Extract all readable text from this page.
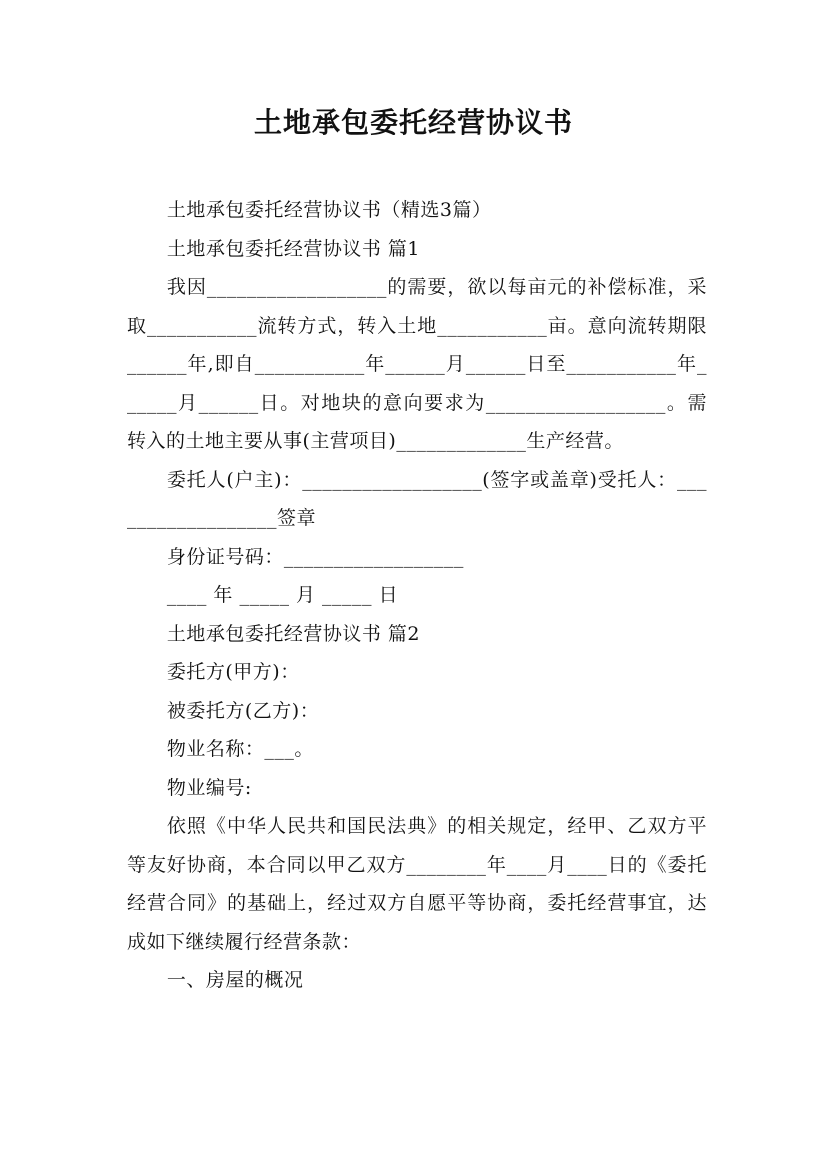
土地承包委托经营协议书

土地承包委托经营协议书（精选3篇）

土地承包委托经营协议书 篇1

我因__________________的需要，欲以每亩元的补偿标准，采取___________流转方式，转入土地___________亩。意向流转期限______年,即自___________年______月______日至___________年______月______日。对地块的意向要求为__________________。需转入的土地主要从事(主营项目)_____________生产经营。

委托人(户主)：__________________(签字或盖章)受托人：__________________签章

身份证号码：__________________

____ 年 _____ 月 _____ 日

土地承包委托经营协议书 篇2

委托方(甲方)：

被委托方(乙方)：

物业名称：___。

物业编号:

依照《中华人民共和国民法典》的相关规定，经甲、乙双方平等友好协商，本合同以甲乙双方________年____月____日的《委托经营合同》的基础上，经过双方自愿平等协商，委托经营事宜，达成如下继续履行经营条款：

一、房屋的概况
